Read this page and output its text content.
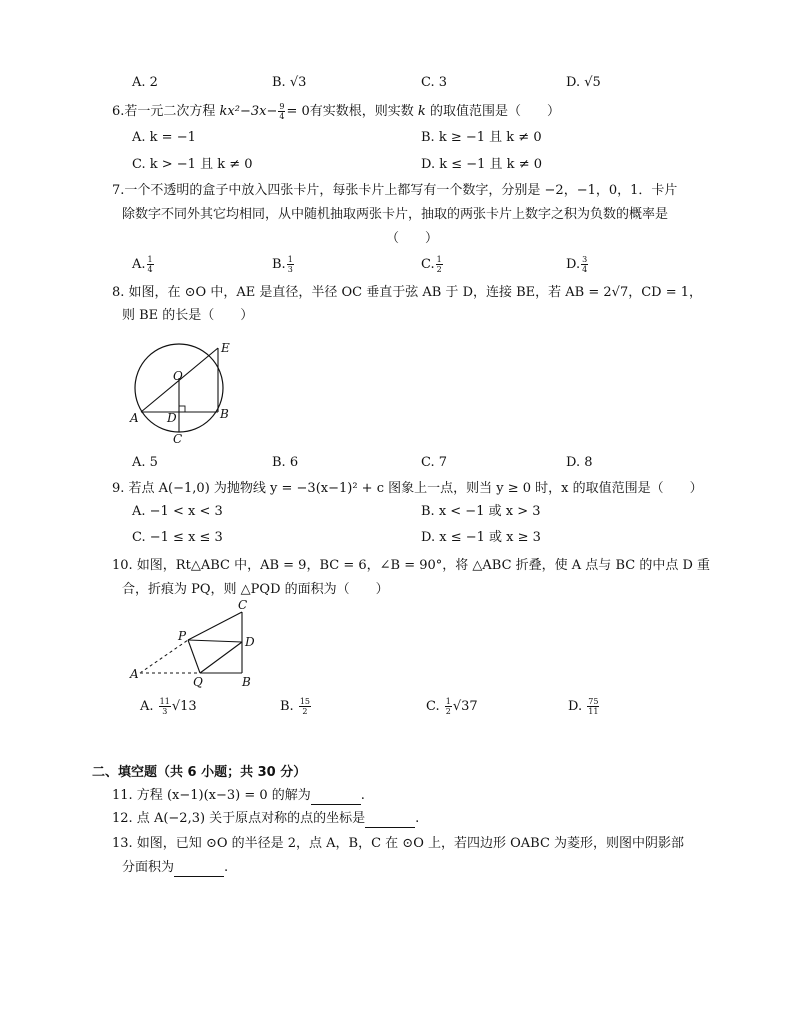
A. 2	B. √3	C. 3	D. √5
6.若一元二次方程 $kx^2-3x- \frac{9}{4} = 0$有实数根，则实数 k 的取值范围是（　　）
A. k = −1	B. k ≥ −1 且 k ≠ 0
C. k > −1 且 k ≠ 0	D. k ≤ −1 且 k ≠ 0
7.一个不透明的盒子中放入四张卡片，每张卡片上都写有一个数字，分别是 −2，−1，0，1．卡片
除数字不同外其它均相同，从中随机抽取两张卡片，抽取的两张卡片上数字之积为负数的概率是
（　　）
A. $\frac{1}{4}$	B. $\frac{1}{3}$	C. $\frac{1}{2}$	D. $\frac{3}{4}$
8. 如图，在 ⊙O 中，AE 是直径，半径 OC 垂直于弦 AB 于 D，连接 BE，若 AB = 2√7，CD = 1，
则 BE 的长是（　　）
O
E
A D	B
C
A. 5	B. 6	C. 7	D. 8
9. 若点 A(−1,0) 为抛物线 y = −3(x−1)² + c 图象上一点，则当 y ≥ 0 时，x 的取值范围是（　　）
A. −1 < x < 3	B. x < −1 或 x > 3
C. −1 ≤ x ≤ 3	D. x ≤ −1 或 x ≥ 3
10. 如图，Rt△ABC 中，AB = 9，BC = 6，∠B = 90°，将 △ABC 折叠，使 A 点与 BC 的中点 D 重
合，折痕为 PQ，则 △PQD 的面积为（　　）
C
P	D
A
Q	B
A. $\frac{11}{3} √13$	B. $\frac{15}{2}$	C. $\frac{1}{2} √37$	D. $\frac{75}{11}$
二、填空题（共 6 小题；共 30 分）
11. 方程 (x−1)(x−3) = 0 的解为	.
12. 点 A(−2,3) 关于原点对称的点的坐标是	.
13. 如图，已知 ⊙O 的半径是 2，点 A，B，C 在 ⊙O 上，若四边形 OABC 为菱形，则图中阴影部
分面积为	.
